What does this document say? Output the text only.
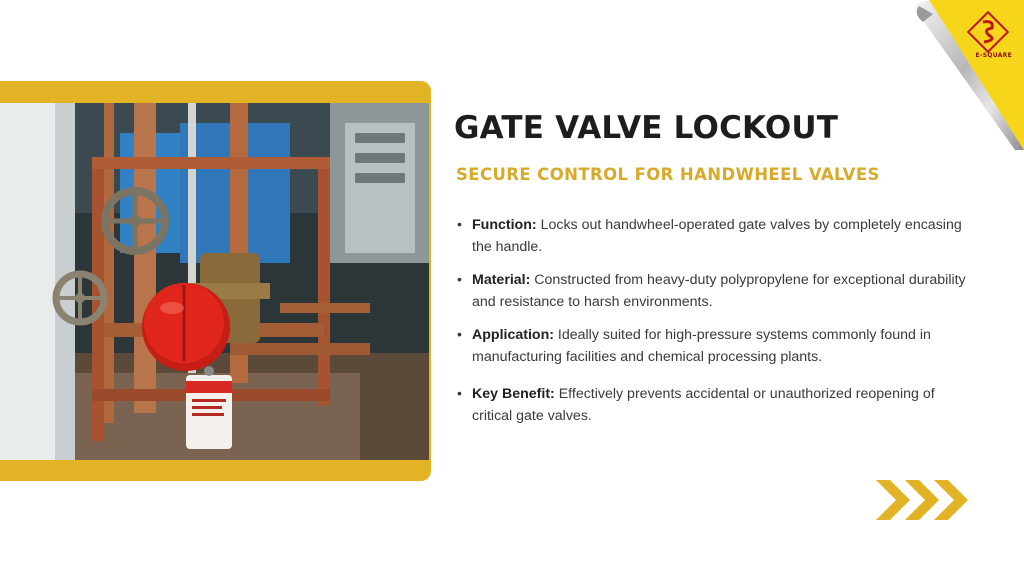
GATE VALVE LOCKOUT
SECURE CONTROL FOR HANDWHEEL VALVES
• Function: Locks out handwheel-operated gate valves by completely encasing the handle.
• Material: Constructed from heavy-duty polypropylene for exceptional durability and resistance to harsh environments.
• Application: Ideally suited for high-pressure systems commonly found in manufacturing facilities and chemical processing plants.
• Key Benefit: Effectively prevents accidental or unauthorized reopening of critical gate valves.
E-SQUARE
